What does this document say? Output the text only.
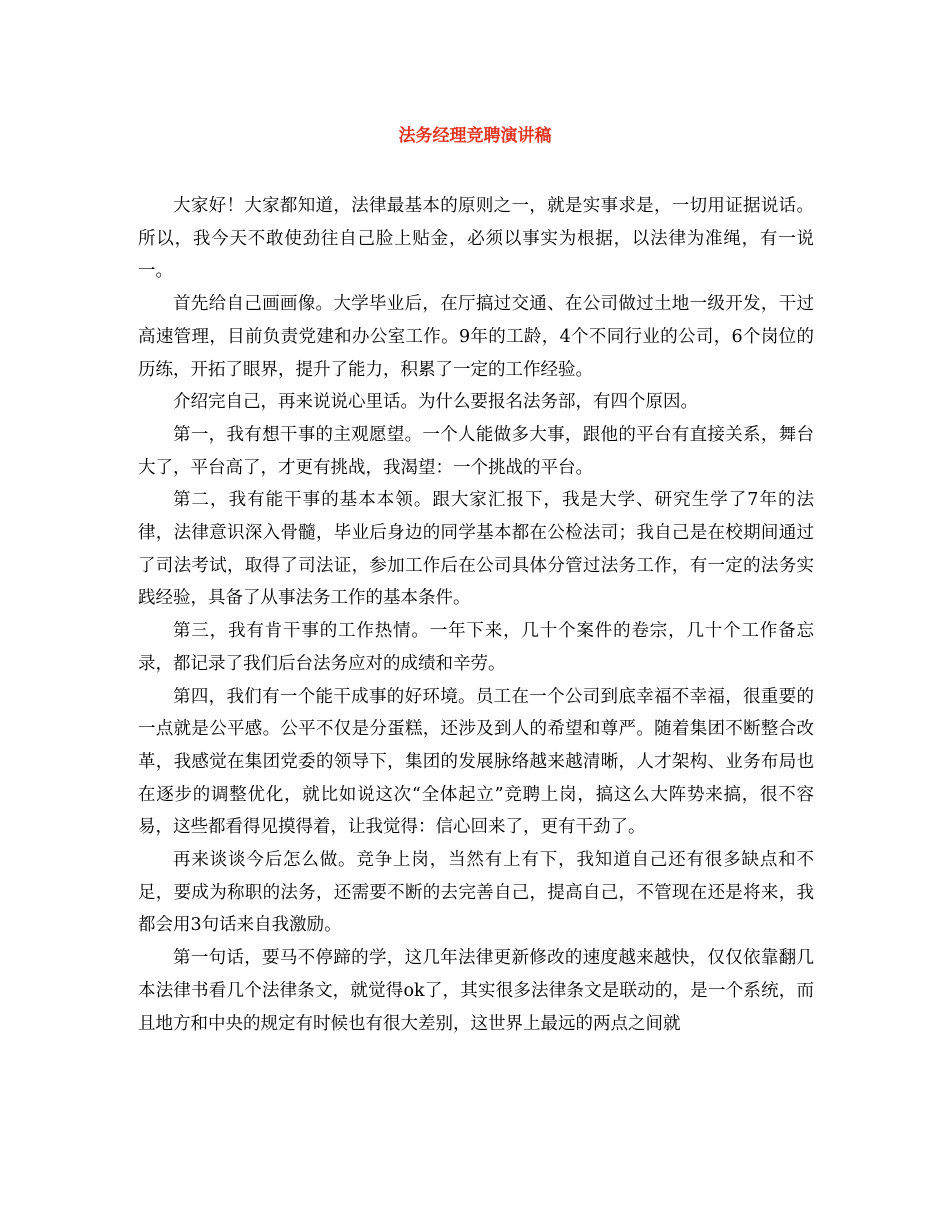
法务经理竞聘演讲稿

大家好！大家都知道，法律最基本的原则之一，就是实事求是，一切用证据说话。所以，我今天不敢使劲往自己脸上贴金，必须以事实为根据，以法律为准绳，有一说一。

首先给自己画画像。大学毕业后，在厅搞过交通、在公司做过土地一级开发，干过高速管理，目前负责党建和办公室工作。9年的工龄，4个不同行业的公司，6个岗位的历练，开拓了眼界，提升了能力，积累了一定的工作经验。

介绍完自己，再来说说心里话。为什么要报名法务部，有四个原因。

第一，我有想干事的主观愿望。一个人能做多大事，跟他的平台有直接关系，舞台大了，平台高了，才更有挑战，我渴望：一个挑战的平台。

第二，我有能干事的基本本领。跟大家汇报下，我是大学、研究生学了7年的法律，法律意识深入骨髓，毕业后身边的同学基本都在公检法司；我自己是在校期间通过了司法考试，取得了司法证，参加工作后在公司具体分管过法务工作，有一定的法务实践经验，具备了从事法务工作的基本条件。

第三，我有肯干事的工作热情。一年下来，几十个案件的卷宗，几十个工作备忘录，都记录了我们后台法务应对的成绩和辛劳。

第四，我们有一个能干成事的好环境。员工在一个公司到底幸福不幸福，很重要的一点就是公平感。公平不仅是分蛋糕，还涉及到人的希望和尊严。随着集团不断整合改革，我感觉在集团党委的领导下，集团的发展脉络越来越清晰，人才架构、业务布局也在逐步的调整优化，就比如说这次“全体起立”竞聘上岗，搞这么大阵势来搞，很不容易，这些都看得见摸得着，让我觉得：信心回来了，更有干劲了。

再来谈谈今后怎么做。竞争上岗，当然有上有下，我知道自己还有很多缺点和不足，要成为称职的法务，还需要不断的去完善自己，提高自己，不管现在还是将来，我都会用3句话来自我激励。

第一句话，要马不停蹄的学，这几年法律更新修改的速度越来越快，仅仅依靠翻几本法律书看几个法律条文，就觉得ok了，其实很多法律条文是联动的，是一个系统，而且地方和中央的规定有时候也有很大差别，这世界上最远的两点之间就
